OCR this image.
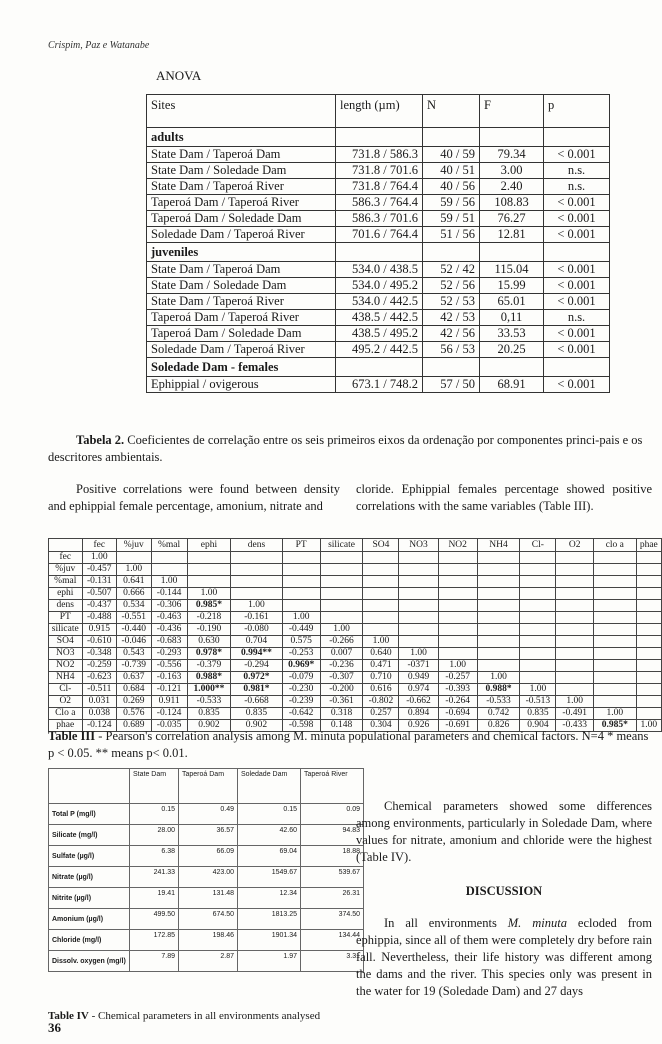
Crispim, Paz e Watanabe
ANOVA
Sites	length (µm)	N	F	p
adults				
State Dam / Taperoá Dam	731.8 / 586.3	40 / 59	79.34	< 0.001
State Dam / Soledade Dam	731.8 / 701.6	40 / 51	3.00	n.s.
State Dam / Taperoá River	731.8 / 764.4	40 / 56	2.40	n.s.
Taperoá Dam / Taperoá River	586.3 / 764.4	59 / 56	108.83	< 0.001
Taperoá Dam / Soledade Dam	586.3 / 701.6	59 / 51	76.27	< 0.001
Soledade Dam / Taperoá River	701.6 / 764.4	51 / 56	12.81	< 0.001
juveniles				
State Dam / Taperoá Dam	534.0 / 438.5	52 / 42	115.04	< 0.001
State Dam / Soledade Dam	534.0 / 495.2	52 / 56	15.99	< 0.001
State Dam / Taperoá River	534.0 / 442.5	52 / 53	65.01	< 0.001
Taperoá Dam / Taperoá River	438.5 / 442.5	42 / 53	0,11	n.s.
Taperoá Dam / Soledade Dam	438.5 / 495.2	42 / 56	33.53	< 0.001
Soledade Dam / Taperoá River	495.2 / 442.5	56 / 53	20.25	< 0.001
Soledade Dam - females				
Ephippial / ovigerous	673.1 / 748.2	57 / 50	68.91	< 0.001
Tabela 2. Coeficientes de correlação entre os seis primeiros eixos da ordenação por componentes princi-pais e os descritores ambientais.
Positive correlations were found between density and ephippial female percentage, amonium, nitrate and
cloride. Ephippial females percentage showed positive correlations with the same variables (Table III).
	fec	%juv	%mal	ephi	dens	PT	silicate	SO4	NO3	NO2	NH4	Cl-	O2	clo a	phae
fec	1.00														
%juv	-0.457	1.00													
%mal	-0.131	0.641	1.00												
ephi	-0.507	0.666	-0.144	1.00											
dens	-0.437	0.534	-0.306	0.985*	1.00										
PT	-0.488	-0.551	-0.463	-0.218	-0.161	1.00									
silicate	0.915	-0.440	-0.436	-0.190	-0.080	-0.449	1.00								
SO4	-0.610	-0.046	-0.683	0.630	0.704	0.575	-0.266	1.00							
NO3	-0.348	0.543	-0.293	0.978*	0.994**	-0.253	0.007	0.640	1.00						
NO2	-0.259	-0.739	-0.556	-0.379	-0.294	0.969*	-0.236	0.471	-0371	1.00					
NH4	-0.623	0.637	-0.163	0.988*	0.972*	-0.079	-0.307	0.710	0.949	-0.257	1.00				
Cl-	-0.511	0.684	-0.121	1.000**	0.981*	-0.230	-0.200	0.616	0.974	-0.393	0.988*	1.00			
O2	0.031	0.269	0.911	-0.533	-0.668	-0.239	-0.361	-0.802	-0.662	-0.264	-0.533	-0.513	1.00		
Clo a	0.038	0.576	-0.124	0.835	0.835	-0.642	0.318	0.257	0.894	-0.694	0.742	0.835	-0.491	1.00	
phae	-0.124	0.689	-0.035	0.902	0.902	-0.598	0.148	0.304	0.926	-0.691	0.826	0.904	-0.433	0.985*	1.00
Table III - Pearson's correlation analysis among M. minuta populational parameters and chemical factors. N=4 * means p < 0.05. ** means p< 0.01.
	State Dam	Taperoá Dam	Soledade Dam	Taperoá River
Total P (mg/l)	0.15	0.49	0.15	0.09
Silicate (mg/l)	28.00	36.57	42.60	94.83
Sulfate (µg/l)	6.38	66.09	69.04	18.88
Nitrate (µg/l)	241.33	423.00	1549.67	539.67
Nitrite (µg/l)	19.41	131.48	12.34	26.31
Amonium (µg/l)	499.50	674.50	1813.25	374.50
Chloride (mg/l)	172.85	198.46	1901.34	134.44
Dissolv. oxygen (mg/l)	7.89	2.87	1.97	3.31
Table IV - Chemical parameters in all environments analysed
Chemical parameters showed some differences among environments, particularly in Soledade Dam, where values for nitrate, amonium and chloride were the highest (Table IV).
DISCUSSION
In all environments M. minuta ecloded from ephippia, since all of them were completely dry before rain fall. Nevertheless, their life history was different among the dams and the river. This species only was present in the water for 19 (Soledade Dam) and 27 days
36
